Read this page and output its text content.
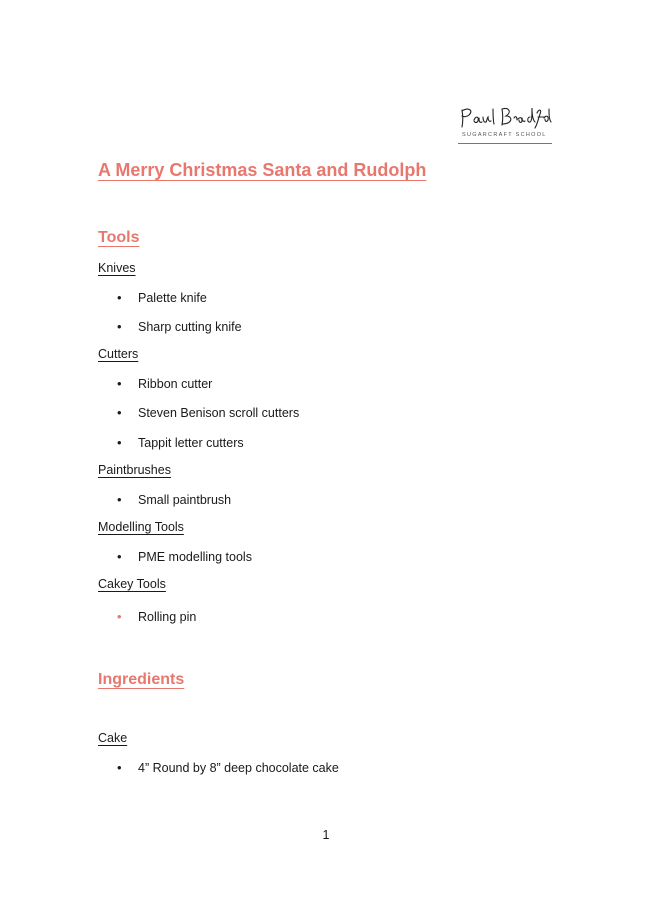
SUGARCRAFT SCHOOL
A Merry Christmas Santa and Rudolph
Tools
Knives
• Palette knife
• Sharp cutting knife
Cutters
• Ribbon cutter
• Steven Benison scroll cutters
• Tappit letter cutters
Paintbrushes
• Small paintbrush
Modelling Tools
• PME modelling tools
Cakey Tools
• Rolling pin
Ingredients
Cake
• 4” Round by 8” deep chocolate cake
1
